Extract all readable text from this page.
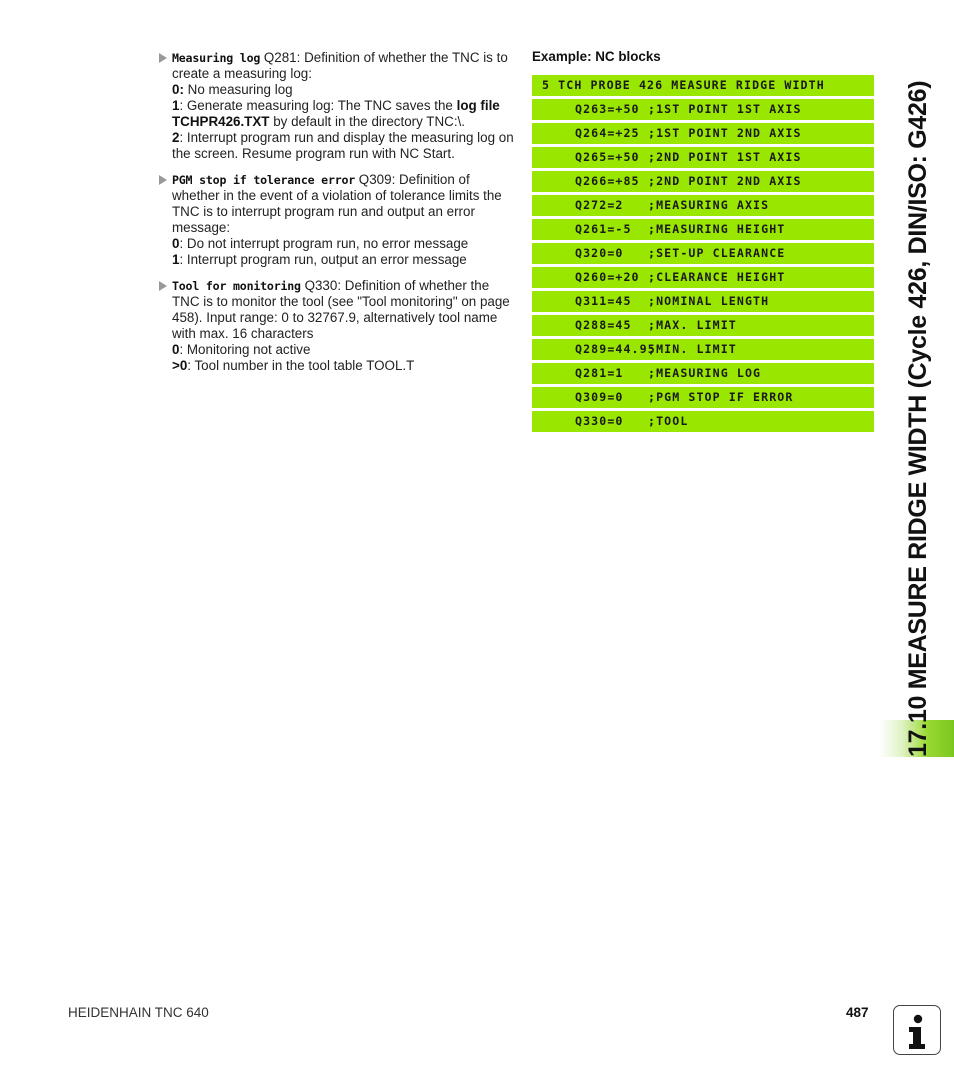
Measuring log Q281: Definition of whether the TNC is to create a measuring log:
0: No measuring log
1: Generate measuring log: The TNC saves the log file TCHPR426.TXT by default in the directory TNC:\.
2: Interrupt program run and display the measuring log on the screen. Resume program run with NC Start.
PGM stop if tolerance error Q309: Definition of whether in the event of a violation of tolerance limits the TNC is to interrupt program run and output an error message:
0: Do not interrupt program run, no error message
1: Interrupt program run, output an error message
Tool for monitoring Q330: Definition of whether the TNC is to monitor the tool (see "Tool monitoring" on page 458). Input range: 0 to 32767.9, alternatively tool name with max. 16 characters
0: Monitoring not active
>0: Tool number in the tool table TOOL.T
Example: NC blocks
5 TCH PROBE 426 MEASURE RIDGE WIDTH
Q263=+50 ;1ST POINT 1ST AXIS
Q264=+25 ;1ST POINT 2ND AXIS
Q265=+50 ;2ND POINT 1ST AXIS
Q266=+85 ;2ND POINT 2ND AXIS
Q272=2 ;MEASURING AXIS
Q261=-5 ;MEASURING HEIGHT
Q320=0 ;SET-UP CLEARANCE
Q260=+20 ;CLEARANCE HEIGHT
Q311=45 ;NOMINAL LENGTH
Q288=45 ;MAX. LIMIT
Q289=44.95
;MIN. LIMIT
Q281=1 ;MEASURING LOG
Q309=0 ;PGM STOP IF ERROR
Q330=0 ;TOOL	17.10 MEASURE RIDGE WIDTH (Cycle 426, DIN/ISO: G426)
HEIDENHAIN TNC 640	487
